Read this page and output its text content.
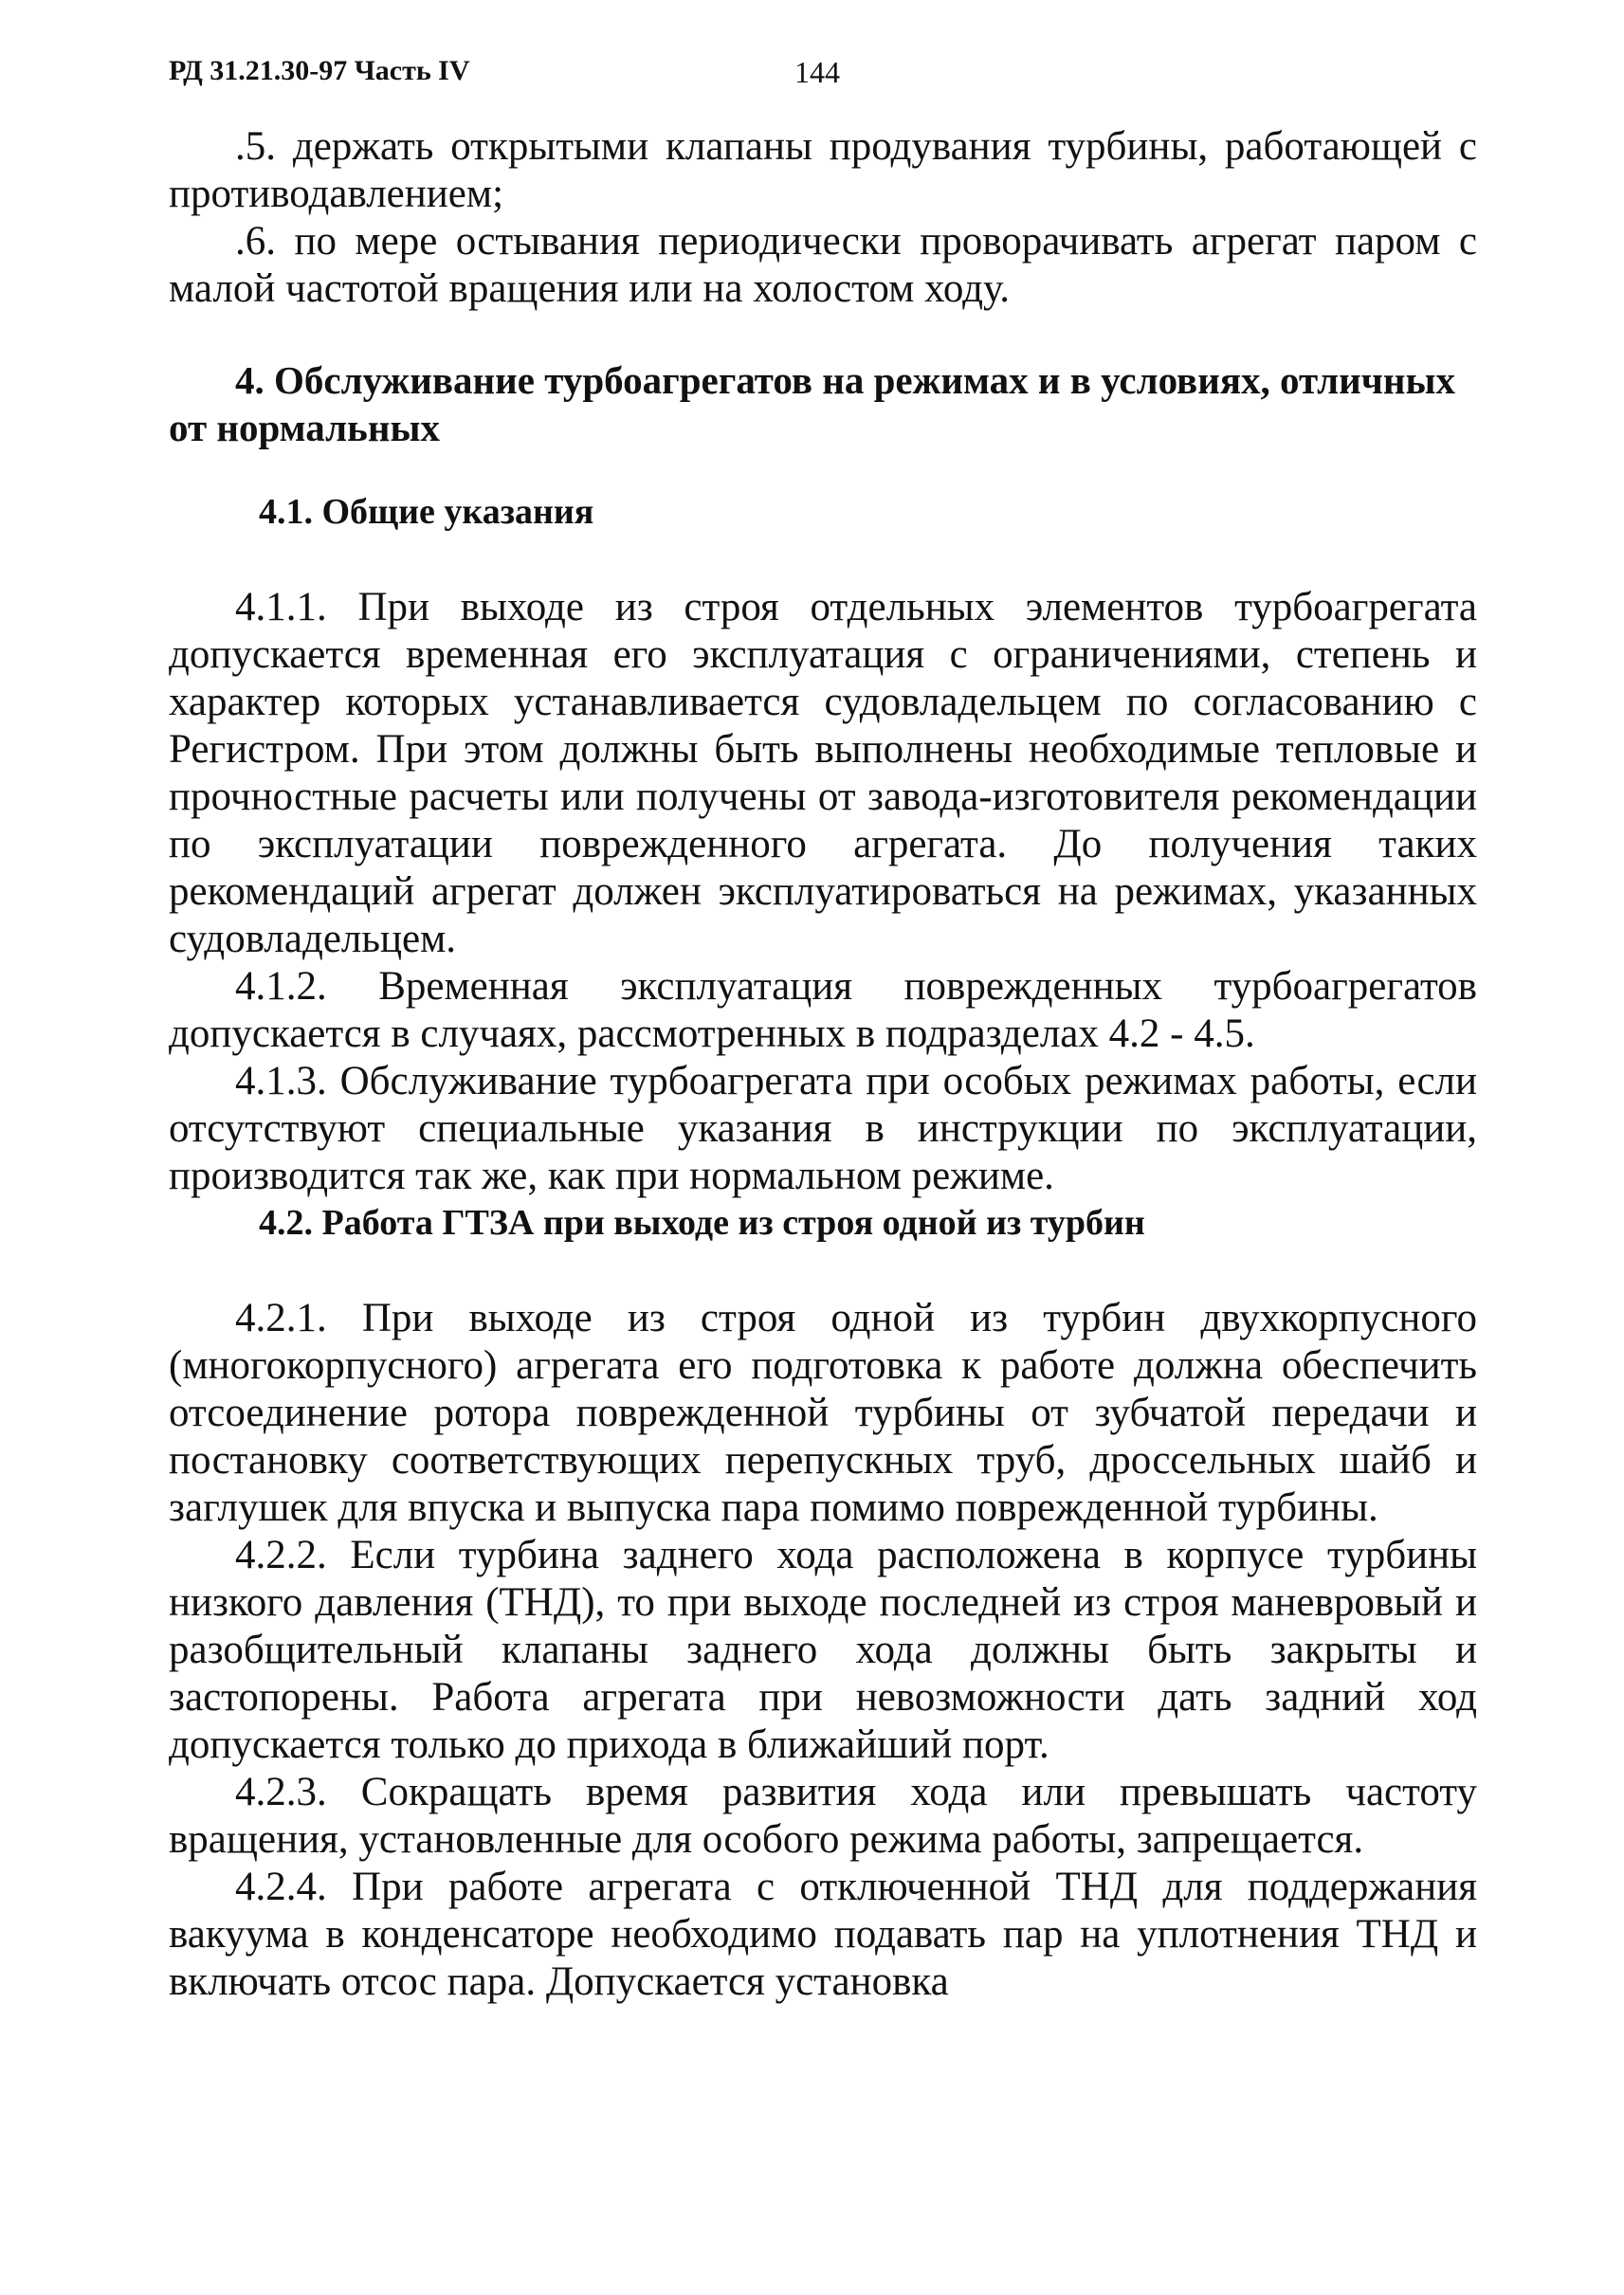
РД 31.21.30-97 Часть IV	144

.5. держать открытыми клапаны продувания турбины, работающей с противодавлением;

.6. по мере остывания периодически проворачивать агрегат паром с малой частотой вращения или на холостом ходу.

4. Обслуживание турбоагрегатов на режимах и в условиях, отличных от нормальных
4.1. Общие указания

4.1.1. При выходе из строя отдельных элементов турбоагрегата допускается временная его эксплуатация с ограничениями, степень и характер которых устанавливается судовладельцем по согласованию с Регистром. При этом должны быть выполнены необходимые тепловые и прочностные расчеты или получены от завода-изготовителя рекомендации по эксплуатации поврежденного агрегата. До получения таких рекомендаций агрегат должен эксплуатироваться на режимах, указанных судовладельцем.

4.1.2. Временная эксплуатация поврежденных турбоагрегатов допускается в случаях, рассмотренных в подразделах 4.2 - 4.5.

4.1.3. Обслуживание турбоагрегата при особых режимах работы, если отсутствуют специальные указания в инструкции по эксплуатации, производится так же, как при нормальном режиме.

4.2. Работа ГТЗА при выходе из строя одной из турбин

4.2.1. При выходе из строя одной из турбин двухкорпусного (многокорпусного) агрегата его подготовка к работе должна обеспечить отсоединение ротора поврежденной турбины от зубчатой передачи и постановку соответствующих перепускных труб, дроссельных шайб и заглушек для впуска и выпуска пара помимо поврежденной турбины.

4.2.2. Если турбина заднего хода расположена в корпусе турбины низкого давления (ТНД), то при выходе последней из строя маневровый и разобщительный клапаны заднего хода должны быть закрыты и застопорены. Работа агрегата при невозможности дать задний ход допускается только до прихода в ближайший порт.

4.2.3. Сокращать время развития хода или превышать частоту вращения, установленные для особого режима работы, запрещается.

4.2.4. При работе агрегата с отключенной ТНД для поддержания вакуума в конденсаторе необходимо подавать пар на уплотнения ТНД и включать отсос пара. Допускается установка
